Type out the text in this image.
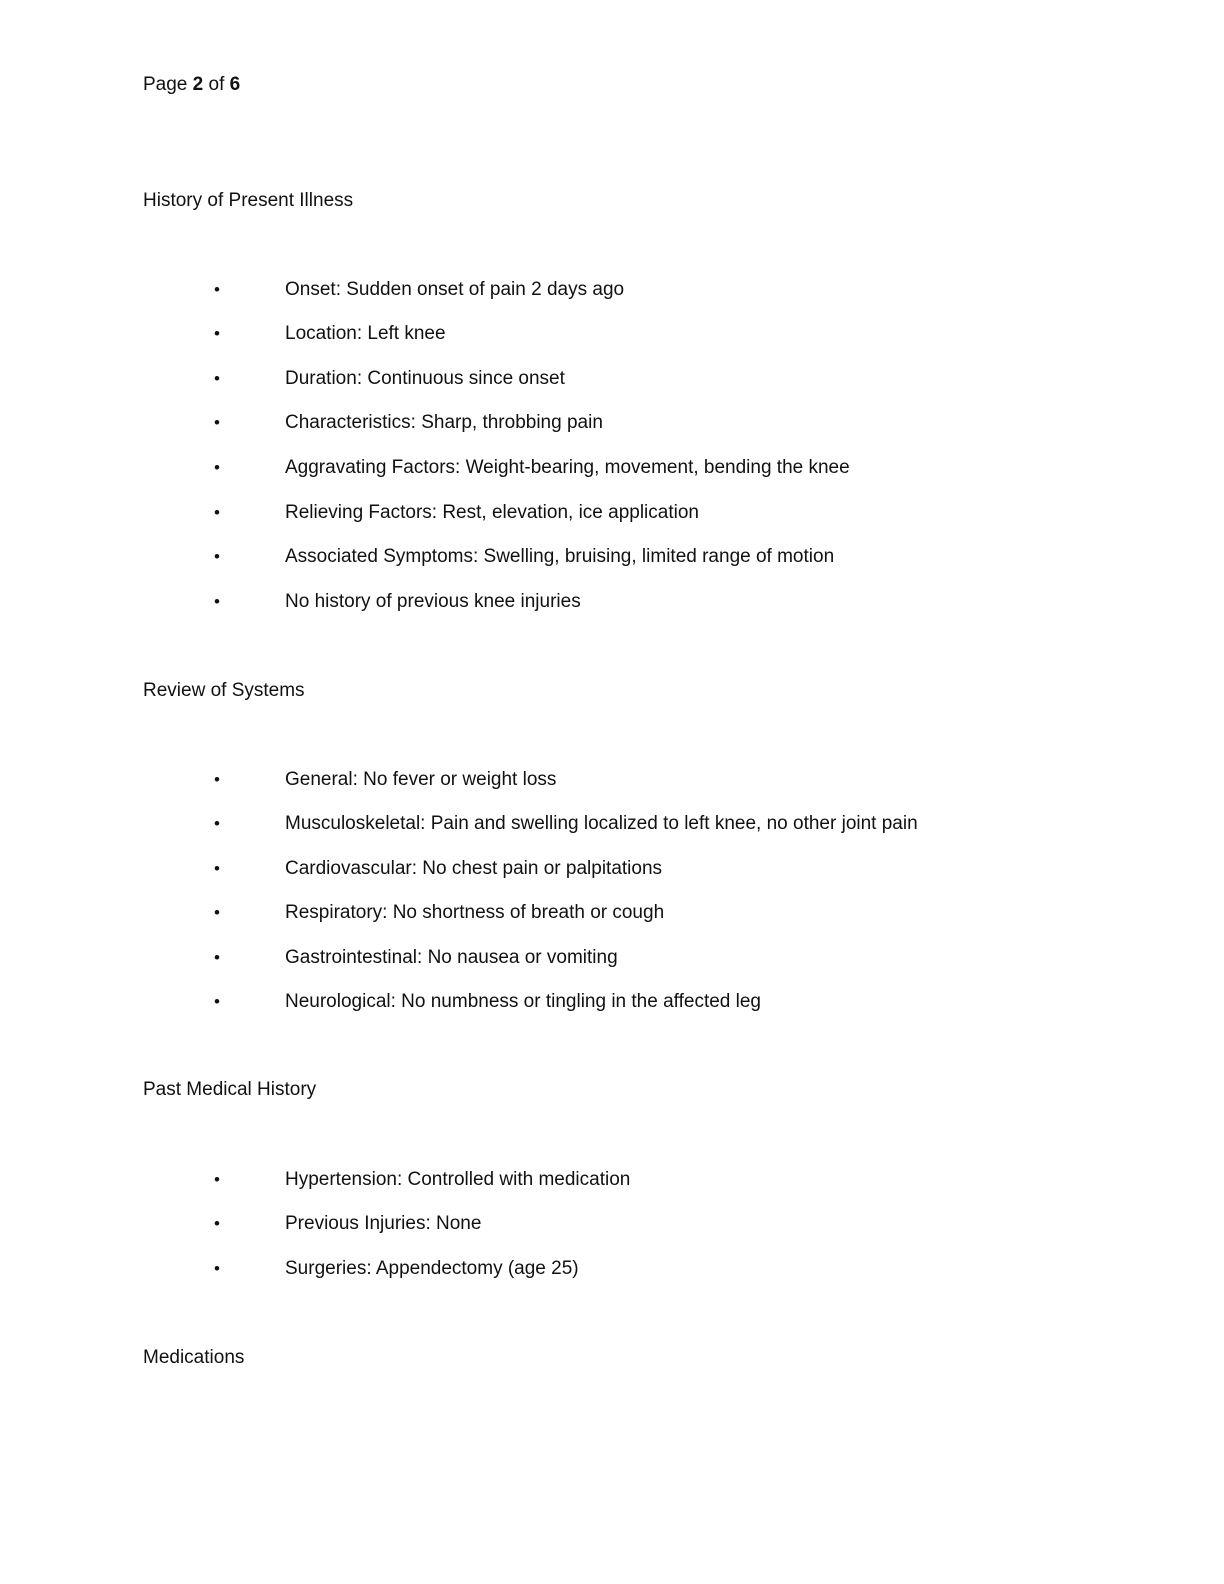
Page 2 of 6
History of Present Illness
•	Onset: Sudden onset of pain 2 days ago
•	Location: Left knee
•	Duration: Continuous since onset
•	Characteristics: Sharp, throbbing pain
•	Aggravating Factors: Weight-bearing, movement, bending the knee
•	Relieving Factors: Rest, elevation, ice application
•	Associated Symptoms: Swelling, bruising, limited range of motion
•	No history of previous knee injuries
Review of Systems
•	General: No fever or weight loss
•	Musculoskeletal: Pain and swelling localized to left knee, no other joint pain
•	Cardiovascular: No chest pain or palpitations
•	Respiratory: No shortness of breath or cough
•	Gastrointestinal: No nausea or vomiting
•	Neurological: No numbness or tingling in the affected leg
Past Medical History
•	Hypertension: Controlled with medication
•	Previous Injuries: None
•	Surgeries: Appendectomy (age 25)
Medications
